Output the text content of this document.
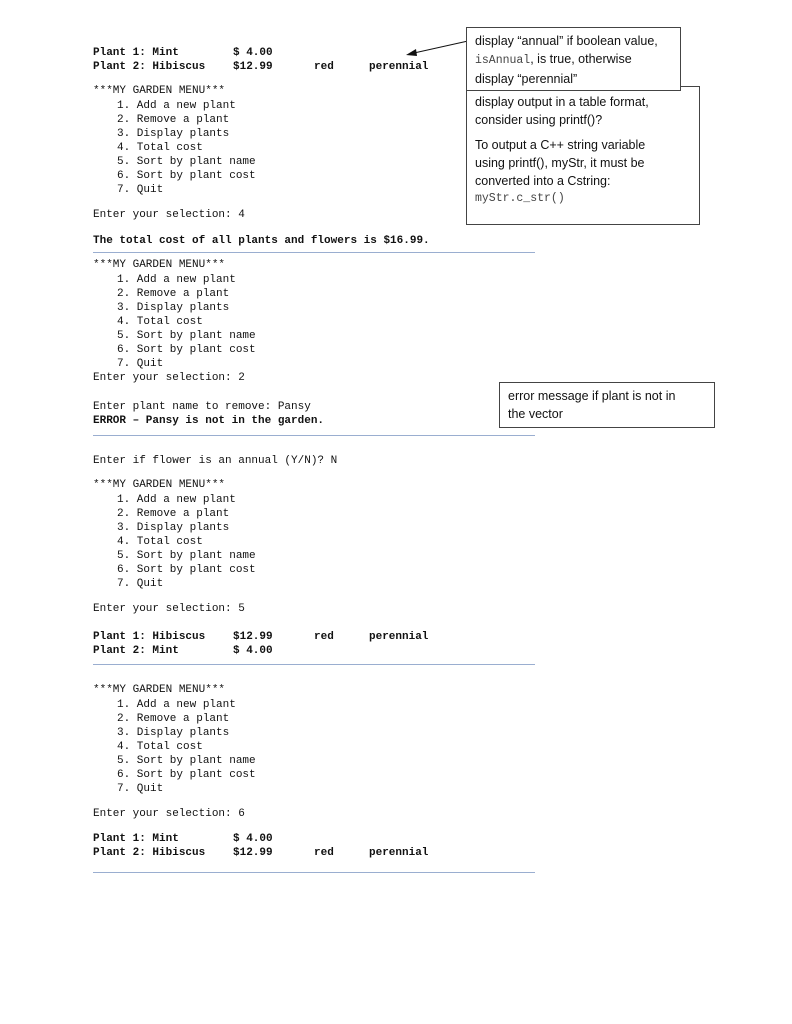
Plant 1: Mint

	$ 4.00

Plant 2: Hibiscus

	$12.99

	red

	perennial

***MY GARDEN MENU***
1. Add a new plant
2. Remove a plant
3. Display plants
4. Total cost
5. Sort by plant name
6. Sort by plant cost
7. Quit
Enter your selection: 4
The total cost of all plants and flowers is $16.99.
***MY GARDEN MENU***
1. Add a new plant
2. Remove a plant
3. Display plants
4. Total cost
5. Sort by plant name
6. Sort by plant cost
7. Quit
Enter your selection: 2
Enter plant name to remove: Pansy
ERROR – Pansy is not in the garden.
Enter if flower is an annual (Y/N)? N
***MY GARDEN MENU***
1. Add a new plant
2. Remove a plant
3. Display plants
4. Total cost
5. Sort by plant name
6. Sort by plant cost
7. Quit
Enter your selection: 5

Plant 1: Hibiscus

	$12.99

	red

	perennial

Plant 2: Mint

	$ 4.00

***MY GARDEN MENU***
1. Add a new plant
2. Remove a plant
3. Display plants
4. Total cost
5. Sort by plant name
6. Sort by plant cost
7. Quit
Enter your selection: 6

Plant 1: Mint

	$ 4.00

Plant 2: Hibiscus

	$12.99

	red

	perennial

display output in a table format,

consider using printf()?

To output a C++ string variable

using printf(), myStr, it must be

converted into a Cstring:

myStr.c_str()

display “annual” if boolean value,

isAnnual, is true, otherwise

display “perennial”

error message if plant is not in

the vector
